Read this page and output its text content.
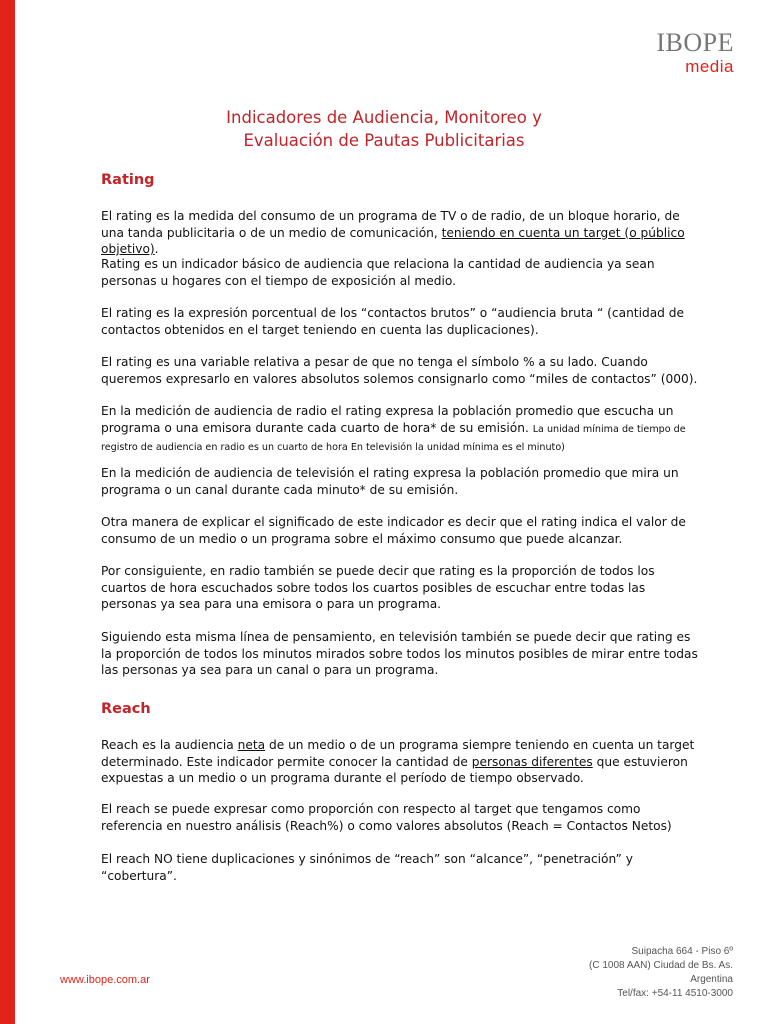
IBOPE
media
Indicadores de Audiencia, Monitoreo y
Evaluación de Pautas Publicitarias
Rating
El rating es la medida del consumo de un programa de TV o de radio, de un bloque horario, de una tanda publicitaria o de un medio de comunicación, teniendo en cuenta un target (o público objetivo).
Rating es un indicador básico de audiencia que relaciona la cantidad de audiencia ya sean personas u hogares con el tiempo de exposición al medio.
El rating es la expresión porcentual de los “contactos brutos” o “audiencia bruta “ (cantidad de contactos obtenidos en el target teniendo en cuenta las duplicaciones).
El rating es una variable relativa a pesar de que no tenga el símbolo % a su lado. Cuando queremos expresarlo en valores absolutos solemos consignarlo como “miles de contactos” (000).
En la medición de audiencia de radio el rating expresa la población promedio que escucha un programa o una emisora durante cada cuarto de hora* de su emisión. La unidad mínima de tiempo de registro de audiencia en radio es un cuarto de hora En televisión la unidad mínima es el minuto)
En la medición de audiencia de televisión el rating expresa la población promedio que mira un programa o un canal durante cada minuto* de su emisión.
Otra manera de explicar el significado de este indicador es decir que el rating indica el valor de consumo de un medio o un programa sobre el máximo consumo que puede alcanzar.
Por consiguiente, en radio también se puede decir que rating es la proporción de todos los cuartos de hora escuchados sobre todos los cuartos posibles de escuchar entre todas las personas ya sea para una emisora o para un programa.
Siguiendo esta misma línea de pensamiento, en televisión también se puede decir que rating es la proporción de todos los minutos mirados sobre todos los minutos posibles de mirar entre todas las personas ya sea para un canal o para un programa.
Reach
Reach es la audiencia neta de un medio o de un programa siempre teniendo en cuenta un target determinado. Este indicador permite conocer la cantidad de personas diferentes que estuvieron expuestas a un medio o un programa durante el período de tiempo observado.
El reach se puede expresar como proporción con respecto al target que tengamos como referencia en nuestro análisis (Reach%) o como valores absolutos (Reach = Contactos Netos)
El reach NO tiene duplicaciones y sinónimos de “reach” son “alcance”, “penetración” y “cobertura”.
www.ibope.com.ar
Suipacha 664 - Piso 6º
(C 1008 AAN) Ciudad de Bs. As.
Argentina
Tel/fax: +54-11 4510-3000
